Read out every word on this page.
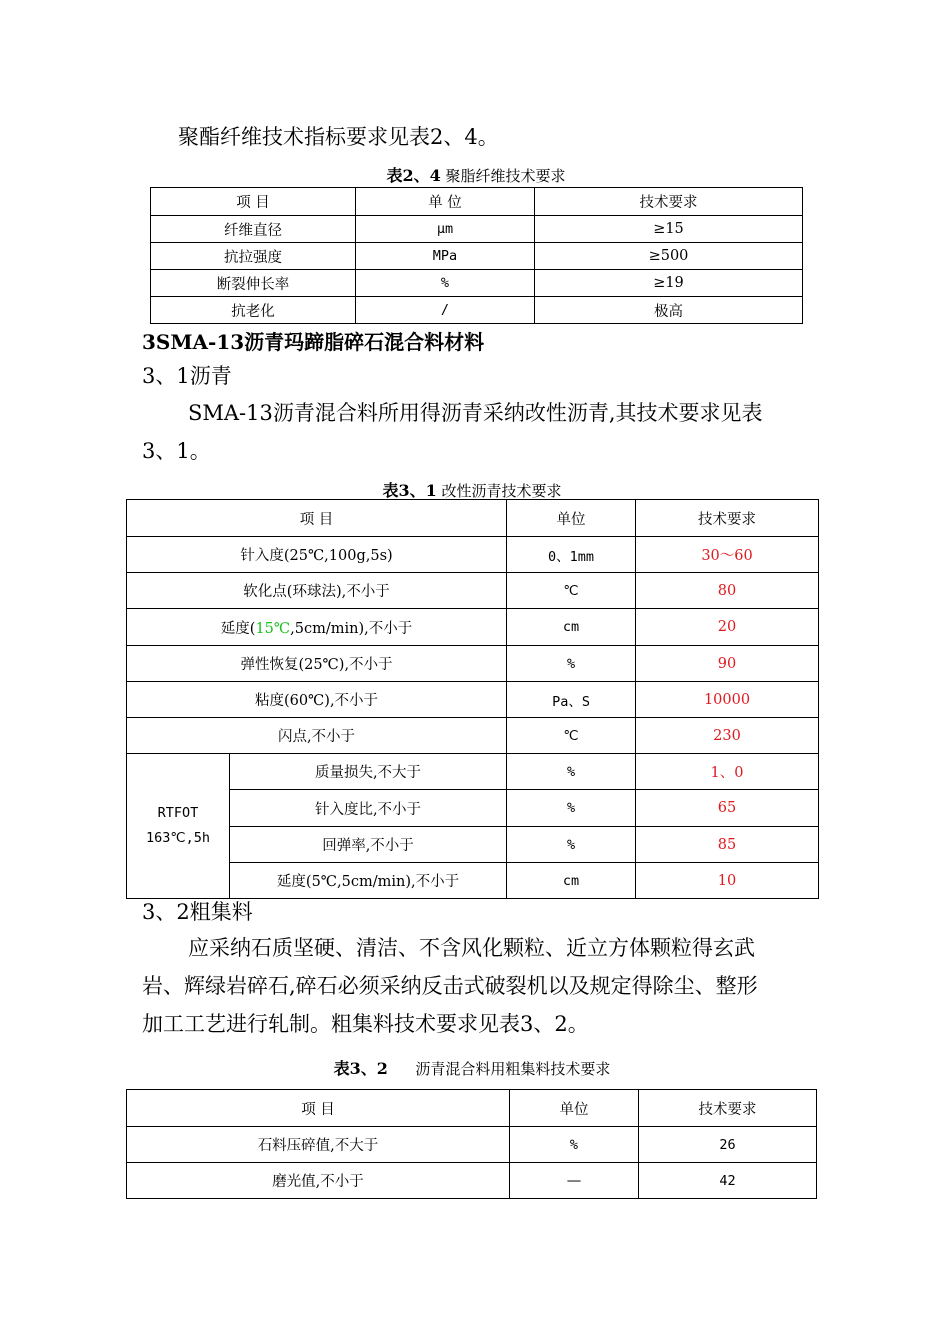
聚酯纤维技术指标要求见表2、4。
表2、4 聚脂纤维技术要求
项 目	单 位	技术要求
纤维直径	μm	≥15
抗拉强度	MPa	≥500
断裂伸长率	%	≥19
抗老化	/	极高
3SMA-13沥青玛蹄脂碎石混合料材料
3、1沥青
SMA-13沥青混合料所用得沥青采纳改性沥青,其技术要求见表
3、1。
表3、1 改性沥青技术要求
项 目		单位	技术要求
针入度(25℃,100g,5s)		0、1mm	30～60
软化点(环球法),不小于		℃	80
延度(15℃,5cm/min),不小于		cm	20
弹性恢复(25℃),不小于		%	90
粘度(60℃),不小于		Pa、S	10000
闪点,不小于		℃	230

RTFOT
163℃,5h	质量损失,不大于	%	1、0
	针入度比,不小于	%	65
	回弹率,不小于	%	85
	延度(5℃,5cm/min),不小于	cm	10
3、2粗集料
应采纳石质坚硬、清洁、不含风化颗粒、近立方体颗粒得玄武
岩、辉绿岩碎石,碎石必须采纳反击式破裂机以及规定得除尘、整形
加工工艺进行轧制。粗集料技术要求见表3、2。
表3、2 沥青混合料用粗集料技术要求
项 目	单位	技术要求
石料压碎值,不大于	%	26
磨光值,不小于	—	42
